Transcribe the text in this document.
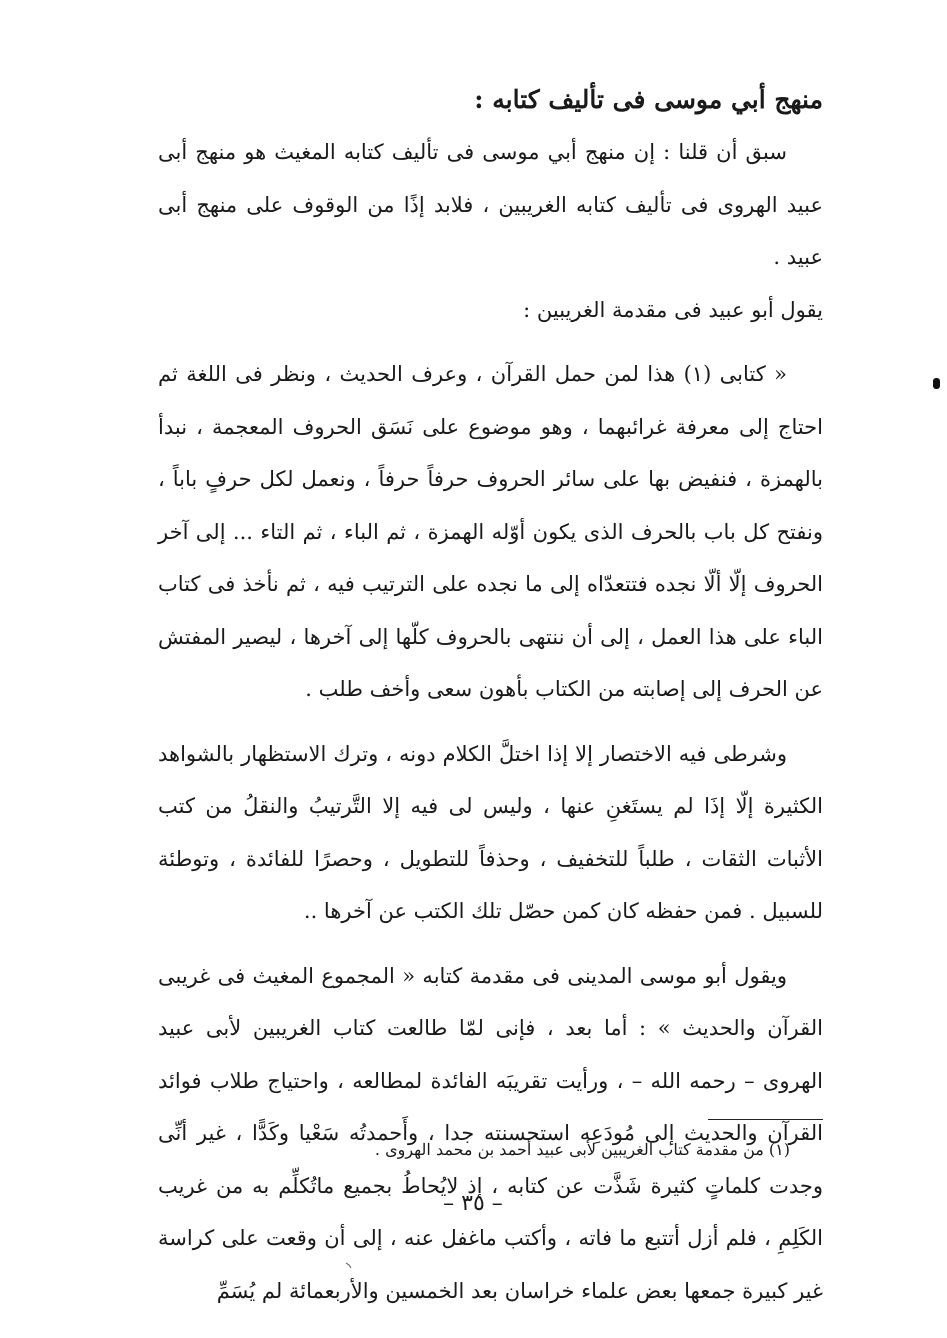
منهج أبي موسى فى تأليف كتابه :

سبق أن قلنا : إن منهج أبي موسى فى تأليف كتابه المغيث هو منهج أبى عبيد الهروى فى تأليف كتابه الغريبين ، فلابد إذًا من الوقوف على منهج أبى عبيد .

يقول أبو عبيد فى مقدمة الغريبين :

« كتابى (١) هذا لمن حمل القرآن ، وعرف الحديث ، ونظر فى اللغة ثم احتاج إلى معرفة غرائبهما ، وهو موضوع على نَسَق الحروف المعجمة ، نبدأ بالهمزة ، فنفيض بها على سائر الحروف حرفاً حرفاً ، ونعمل لكل حرفٍ باباً ، ونفتح كل باب بالحرف الذى يكون أوّله الهمزة ، ثم الباء ، ثم التاء ... إلى آخر الحروف إلّا ألّا نجده فتتعدّاه إلى ما نجده على الترتيب فيه ، ثم نأخذ فى كتاب الباء على هذا العمل ، إلى أن ننتهى بالحروف كلّها إلى آخرها ، ليصير المفتش عن الحرف إلى إصابته من الكتاب بأهون سعى وأخف طلب .

وشرطى فيه الاختصار إلا إذا اختلَّ الكلام دونه ، وترك الاستظهار بالشواهد الكثيرة إلّا إذَا لم يستَغنِ عنها ، وليس لى فيه إلا التَّرتيبُ والنقلُ من كتب الأثبات الثقات ، طلباً للتخفيف ، وحذفاً للتطويل ، وحصرًا للفائدة ، وتوطئة للسبيل . فمن حفظه كان كمن حصّل تلك الكتب عن آخرها ..

ويقول أبو موسى المدينى فى مقدمة كتابه « المجموع المغيث فى غريبى القرآن والحديث » : أما بعد ، فإنى لمّا طالعت كتاب الغريبين لأبى عبيد الهروى – رحمه الله – ، ورأيت تقريبَه الفائدة لمطالعه ، واحتياج طلاب فوائد القرآن والحديث إلى مُودَعِه استحسنته جدا ، وأَحمدتُه سَعْيا وكَدًّا ، غير أنِّى وجدت كلماتٍ كثيرة شَذَّت عن كتابه ، إذ لايُحاطُ بجميع ماتُكلِّم به من غريب الكَلِمِ ، فلم أزل أتتبع ما فاته ، وأكتب ماغفل عنه ، إلى أن وقعت على كراسة غير كبيرة جمعها بعض علماء خراسان بعد الخمسين والأربعمائة لم يُسَمِّ

(١) من مقدمة كتاب الغريبين لأبى عبيد أحمد بن محمد الهروى .
– ٣٥ –
